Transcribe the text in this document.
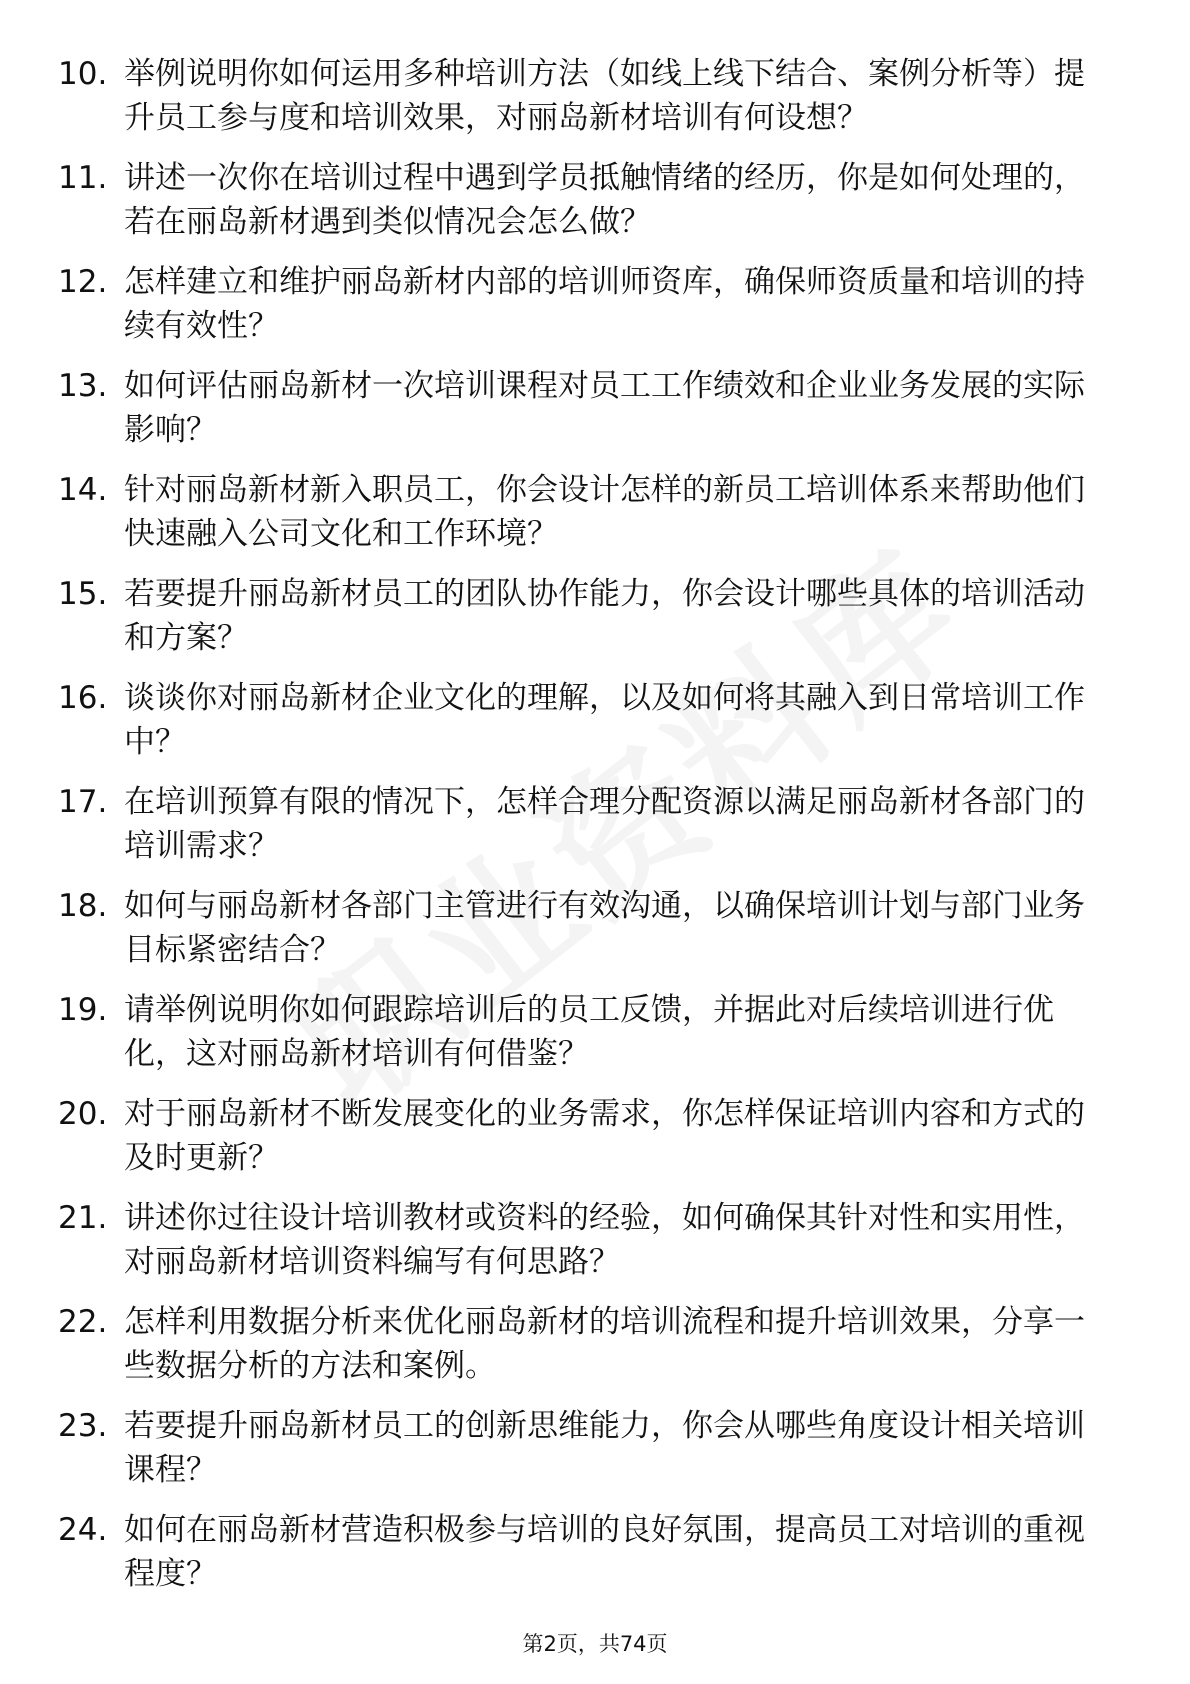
10. 举例说明你如何运用多种培训方法（如线上线下结合、案例分析等）提升员工参与度和培训效果，对丽岛新材培训有何设想？
11. 讲述一次你在培训过程中遇到学员抵触情绪的经历，你是如何处理的，若在丽岛新材遇到类似情况会怎么做？
12. 怎样建立和维护丽岛新材内部的培训师资库，确保师资质量和培训的持续有效性？
13. 如何评估丽岛新材一次培训课程对员工工作绩效和企业业务发展的实际影响？
14. 针对丽岛新材新入职员工，你会设计怎样的新员工培训体系来帮助他们快速融入公司文化和工作环境？
15. 若要提升丽岛新材员工的团队协作能力，你会设计哪些具体的培训活动和方案？
16. 谈谈你对丽岛新材企业文化的理解，以及如何将其融入到日常培训工作中？
17. 在培训预算有限的情况下，怎样合理分配资源以满足丽岛新材各部门的培训需求？
18. 如何与丽岛新材各部门主管进行有效沟通，以确保培训计划与部门业务目标紧密结合？
19. 请举例说明你如何跟踪培训后的员工反馈，并据此对后续培训进行优化，这对丽岛新材培训有何借鉴？
20. 对于丽岛新材不断发展变化的业务需求，你怎样保证培训内容和方式的及时更新？
21. 讲述你过往设计培训教材或资料的经验，如何确保其针对性和实用性，对丽岛新材培训资料编写有何思路？
22. 怎样利用数据分析来优化丽岛新材的培训流程和提升培训效果，分享一些数据分析的方法和案例。
23. 若要提升丽岛新材员工的创新思维能力，你会从哪些角度设计相关培训课程？
24. 如何在丽岛新材营造积极参与培训的良好氛围，提高员工对培训的重视程度？
第2页，共74页
